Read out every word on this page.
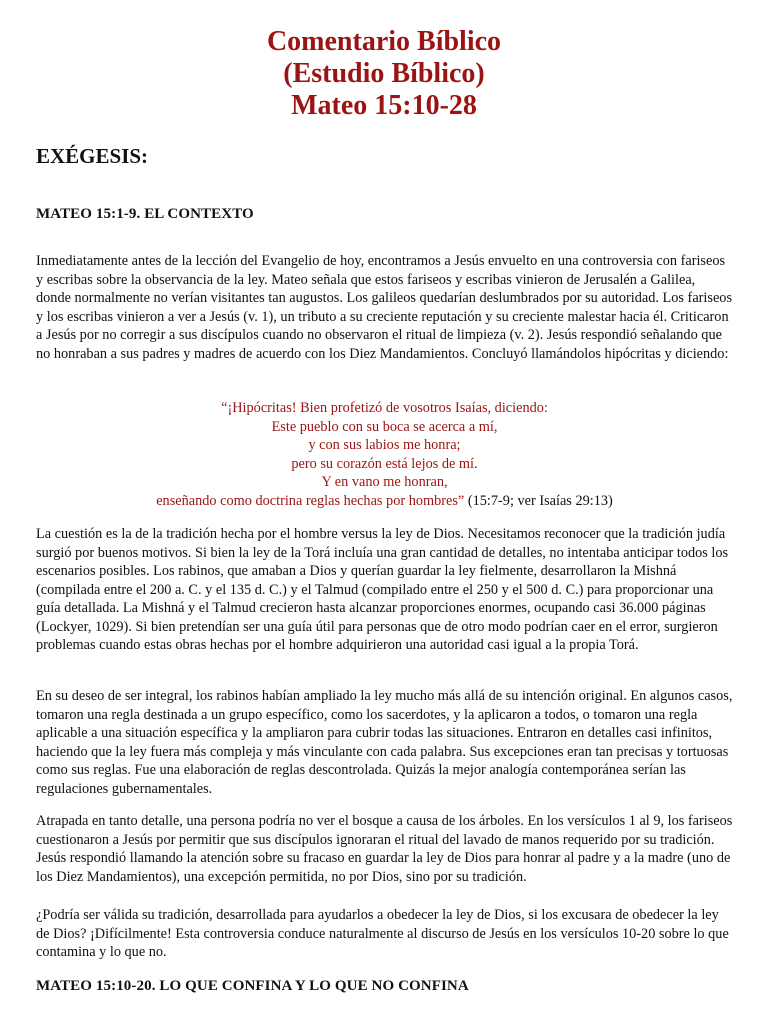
Comentario Bíblico
(Estudio Bíblico)
Mateo 15:10-28
EXÉGESIS:
MATEO 15:1-9. EL CONTEXTO

Inmediatamente antes de la lección del Evangelio de hoy, encontramos a Jesús envuelto en una controversia con fariseos y escribas sobre la observancia de la ley. Mateo señala que estos fariseos y escribas vinieron de Jerusalén a Galilea, donde normalmente no verían visitantes tan augustos. Los galileos quedarían deslumbrados por su autoridad. Los fariseos y los escribas vinieron a ver a Jesús (v. 1), un tributo a su creciente reputación y su creciente malestar hacia él. Criticaron a Jesús por no corregir a sus discípulos cuando no observaron el ritual de limpieza (v. 2). Jesús respondió señalando que no honraban a sus padres y madres de acuerdo con los Diez Mandamientos. Concluyó llamándolos hipócritas y diciendo:

“¡Hipócritas! Bien profetizó de vosotros Isaías, diciendo:
Este pueblo con su boca se acerca a mí,
y con sus labios me honra;
pero su corazón está lejos de mí.
Y en vano me honran,
enseñando como doctrina reglas hechas por hombres” (15:7-9; ver Isaías 29:13)

La cuestión es la de la tradición hecha por el hombre versus la ley de Dios. Necesitamos reconocer que la tradición judía surgió por buenos motivos. Si bien la ley de la Torá incluía una gran cantidad de detalles, no intentaba anticipar todos los escenarios posibles. Los rabinos, que amaban a Dios y querían guardar la ley fielmente, desarrollaron la Mishná (compilada entre el 200 a. C. y el 135 d. C.) y el Talmud (compilado entre el 250 y el 500 d. C.) para proporcionar una guía detallada. La Mishná y el Talmud crecieron hasta alcanzar proporciones enormes, ocupando casi 36.000 páginas (Lockyer, 1029). Si bien pretendían ser una guía útil para personas que de otro modo podrían caer en el error, surgieron problemas cuando estas obras hechas por el hombre adquirieron una autoridad casi igual a la propia Torá.

En su deseo de ser integral, los rabinos habían ampliado la ley mucho más allá de su intención original. En algunos casos, tomaron una regla destinada a un grupo específico, como los sacerdotes, y la aplicaron a todos, o tomaron una regla aplicable a una situación específica y la ampliaron para cubrir todas las situaciones. Entraron en detalles casi infinitos, haciendo que la ley fuera más compleja y más vinculante con cada palabra. Sus excepciones eran tan precisas y tortuosas como sus reglas. Fue una elaboración de reglas descontrolada. Quizás la mejor analogía contemporánea serían las regulaciones gubernamentales.

Atrapada en tanto detalle, una persona podría no ver el bosque a causa de los árboles. En los versículos 1 al 9, los fariseos cuestionaron a Jesús por permitir que sus discípulos ignoraran el ritual del lavado de manos requerido por su tradición. Jesús respondió llamando la atención sobre su fracaso en guardar la ley de Dios para honrar al padre y a la madre (uno de los Diez Mandamientos), una excepción permitida, no por Dios, sino por su tradición.

¿Podría ser válida su tradición, desarrollada para ayudarlos a obedecer la ley de Dios, si los excusara de obedecer la ley de Dios? ¡Difícilmente! Esta controversia conduce naturalmente al discurso de Jesús en los versículos 10-20 sobre lo que contamina y lo que no.

MATEO 15:10-20. LO QUE CONFINA Y LO QUE NO CONFINA
